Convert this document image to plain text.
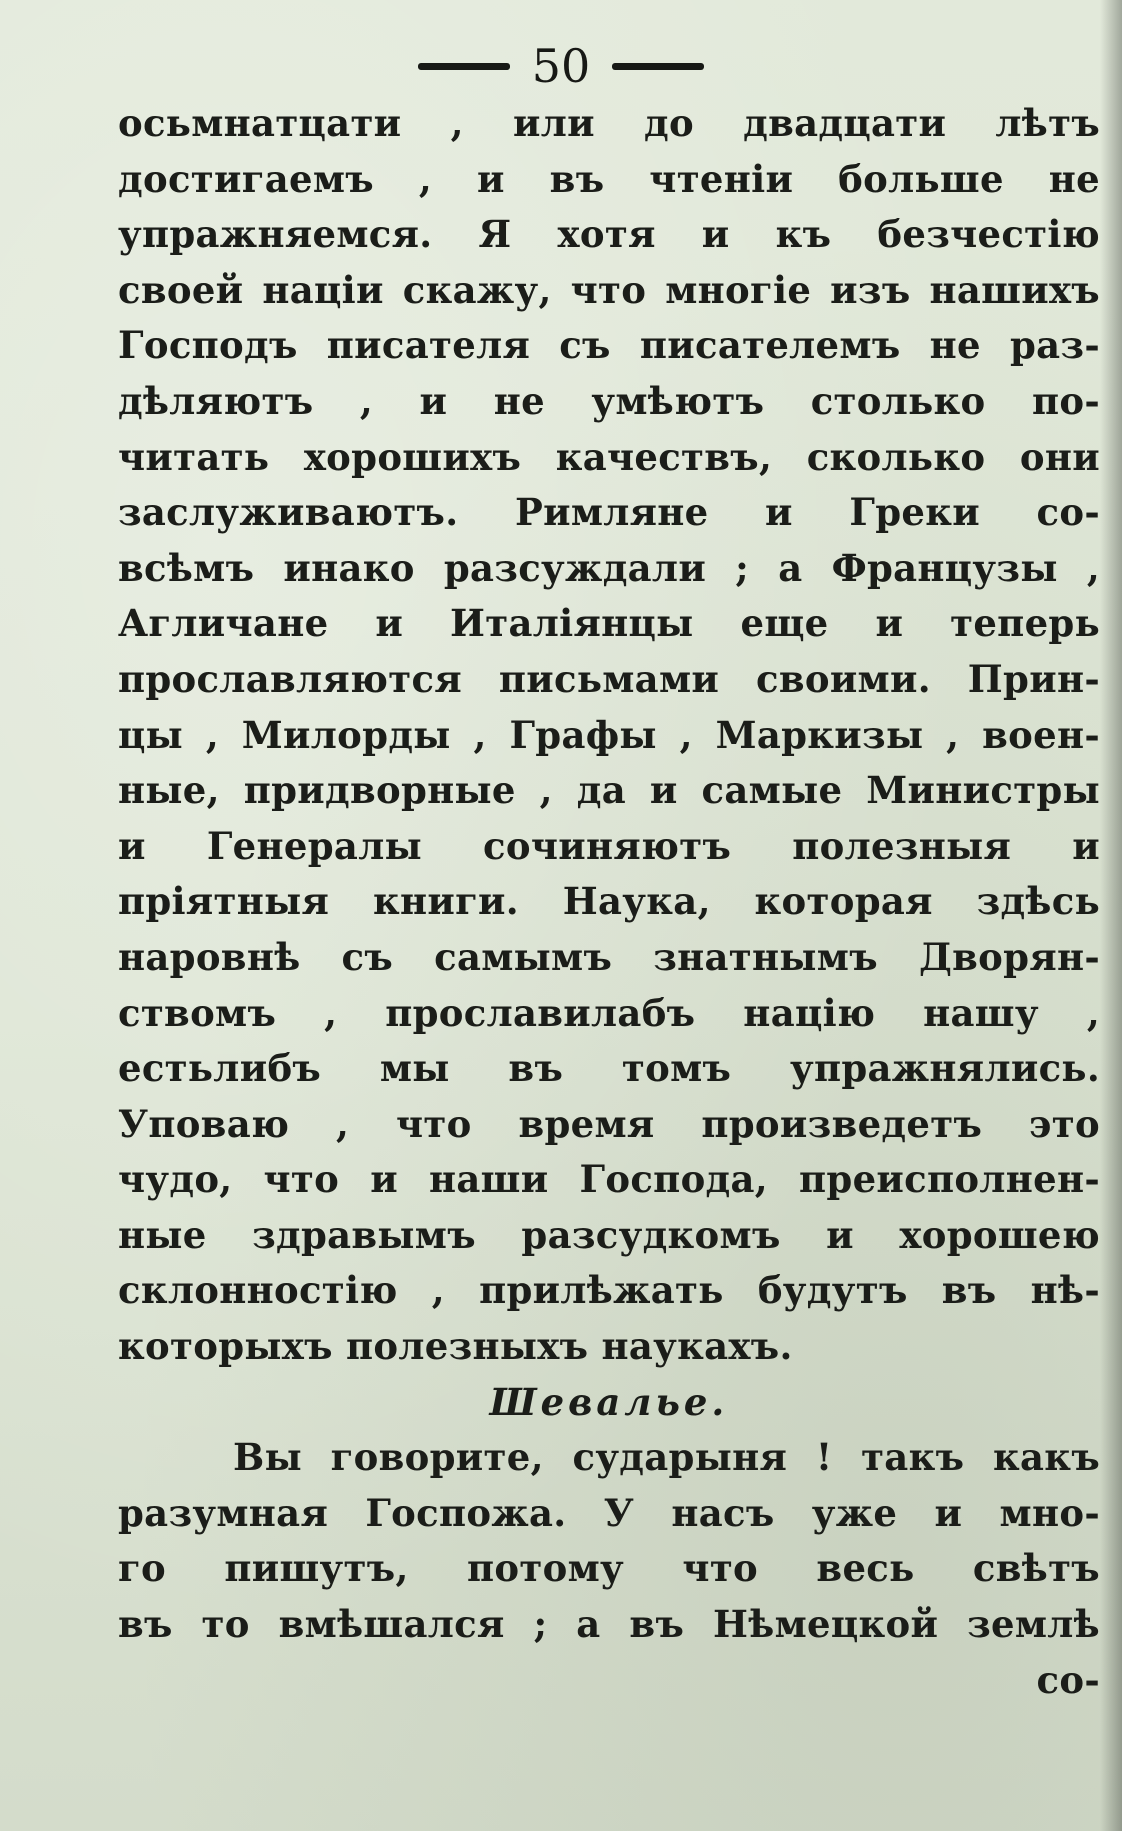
50
осьмнатцати , или до двадцати лѣтъ
достигаемъ , и въ чтеніи больше не
упражняемся. Я хотя и къ безчестію
своей націи скажу, что многіе изъ нашихъ
Господъ писателя съ писателемъ не раз-
дѣляютъ , и не умѣютъ столько по-
читать хорошихъ качествъ, сколько они
заслуживаютъ. Римляне и Греки со-
всѣмъ инако разсуждали ; а Французы ,
Агличане и Италіянцы еще и теперь
прославляются письмами своими. Прин-
цы , Милорды , Графы , Маркизы , воен-
ные, придворные , да и самые Министры
и Генералы сочиняютъ полезныя и
пріятныя книги. Наука, которая здѣсь
наровнѣ съ самымъ знатнымъ Дворян-
ствомъ , прославилабъ націю нашу ,
естьлибъ мы въ томъ упражнялись.
Уповаю , что время произведетъ это
чудо, что и наши Господа, преисполнен-
ные здравымъ разсудкомъ и хорошею
склонностію , прилѣжать будутъ въ нѣ-
которыхъ полезныхъ наукахъ.
Шевалье.
Вы говорите, сударыня ! такъ какъ
разумная Госпожа. У насъ уже и мно-
го пишутъ, потому что весь свѣтъ
въ то вмѣшался ; а въ Нѣмецкой землѣ
со-
